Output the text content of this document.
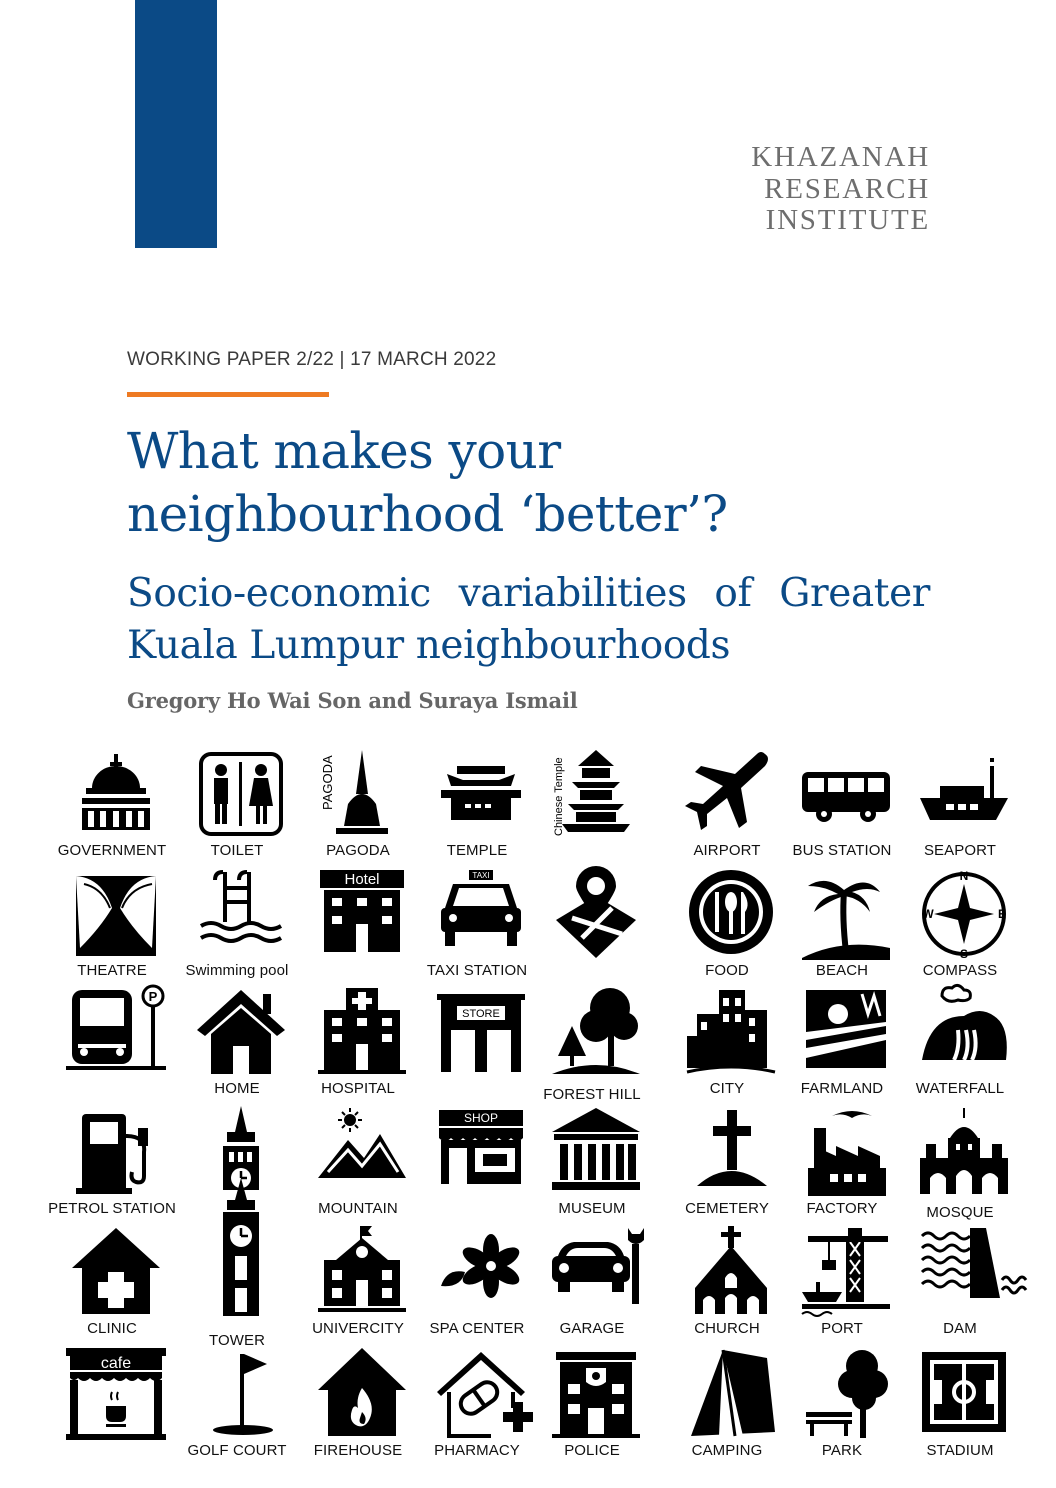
KHAZANAH
RESEARCH
INSTITUTE
WORKING PAPER 2/22 | 17 MARCH 2022
What makes your neighbourhood ‘better’?
Socio-economic variabilities of Greater Kuala Lumpur neighbourhoods
Gregory Ho Wai Son and Suraya Ismail
GOVERNMENT	TOILET
PAGODA
PAGODA	TEMPLE
Chinese Temple
AIRPORT	BUS STATION	SEAPORT
THEATRE	Swimming pool
Hotel	TAXI
TAXI STATION	FOOD	BEACH
N
S
W	E
COMPASS
P
HOME	HOSPITAL
STORE
FOREST HILL	CITY	FARMLAND	WATERFALL
PETROL STATION	MOUNTAIN
SHOP
MUSEUM	CEMETERY	FACTORY	MOSQUE
CLINIC
TOWER
UNIVERCITY	SPA CENTER	GARAGE	CHURCH	PORT	DAM
cafe
GOLF COURT	FIREHOUSE	PHARMACY	POLICE	CAMPING	PARK	STADIUM
